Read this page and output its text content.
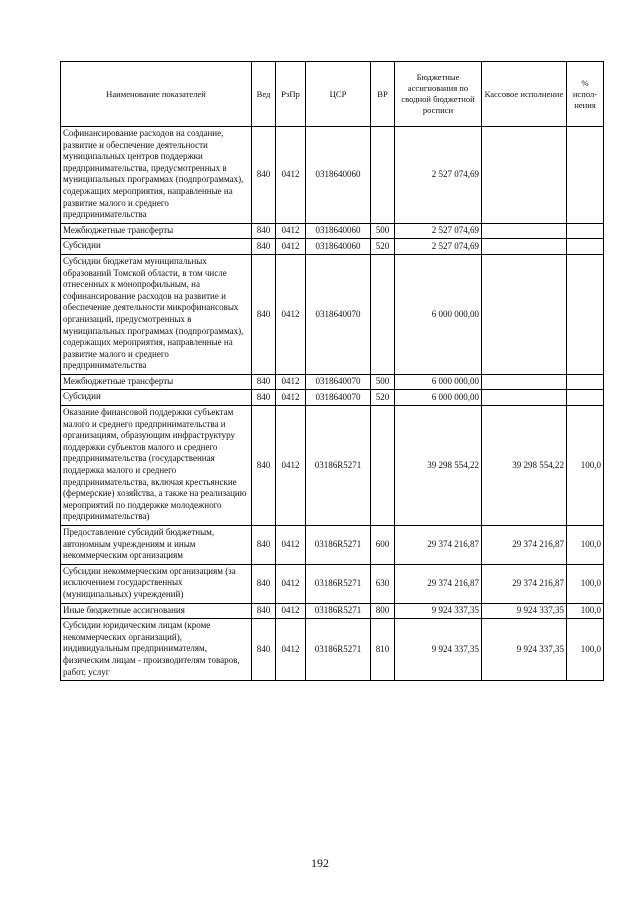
Наименование показателей	Вед	РзПр	ЦСР	ВР	Бюджетные ассигнования по сводной бюджетной росписи	Кассовое исполнение	% испол-нения
Софинансирование расходов на создание, развитие и обеспечение деятельности муниципальных центров поддержки предпринимательства, предусмотренных в муниципальных программах (подпрограммах), содержащих мероприятия, направленные на развитие малого и среднего предпринимательства	840	0412	0318640060		2 527 074,69		
Межбюджетные трансферты	840	0412	0318640060	500	2 527 074,69		
Субсидии	840	0412	0318640060	520	2 527 074,69		
Субсидии бюджетам муниципальных образований Томской области, в том числе отнесенных к монопрофильным, на софинансирование расходов на развитие и обеспечение деятельности микрофинансовых организаций, предусмотренных в муниципальных программах (подпрограммах), содержащих мероприятия, направленные на развитие малого и среднего предпринимательства	840	0412	0318640070		6 000 000,00		
Межбюджетные трансферты	840	0412	0318640070	500	6 000 000,00		
Субсидии	840	0412	0318640070	520	6 000 000,00		
Оказание финансовой поддержки субъектам малого и среднего предпринимательства и организациям, образующим инфраструктуру поддержки субъектов малого и среднего предпринимательства (государственная поддержка малого и среднего предпринимательства, включая крестьянские (фермерские) хозяйства, а также на реализацию мероприятий по поддержке молодежного предпринимательства)	840	0412	03186R5271		39 298 554,22	39 298 554,22	100,0
Предоставление субсидий бюджетным, автономным учреждениям и иным некоммерческим организациям	840	0412	03186R5271	600	29 374 216,87	29 374 216,87	100,0
Субсидии некоммерческим организациям (за исключением государственных (муниципальных) учреждений)	840	0412	03186R5271	630	29 374 216,87	29 374 216,87	100,0
Иные бюджетные ассигнования	840	0412	03186R5271	800	9 924 337,35	9 924 337,35	100,0
Субсидии юридическим лицам (кроме некоммерческих организаций), индивидуальным предпринимателям, физическим лицам - производителям товаров, работ, услуг	840	0412	03186R5271	810	9 924 337,35	9 924 337,35	100,0
192
